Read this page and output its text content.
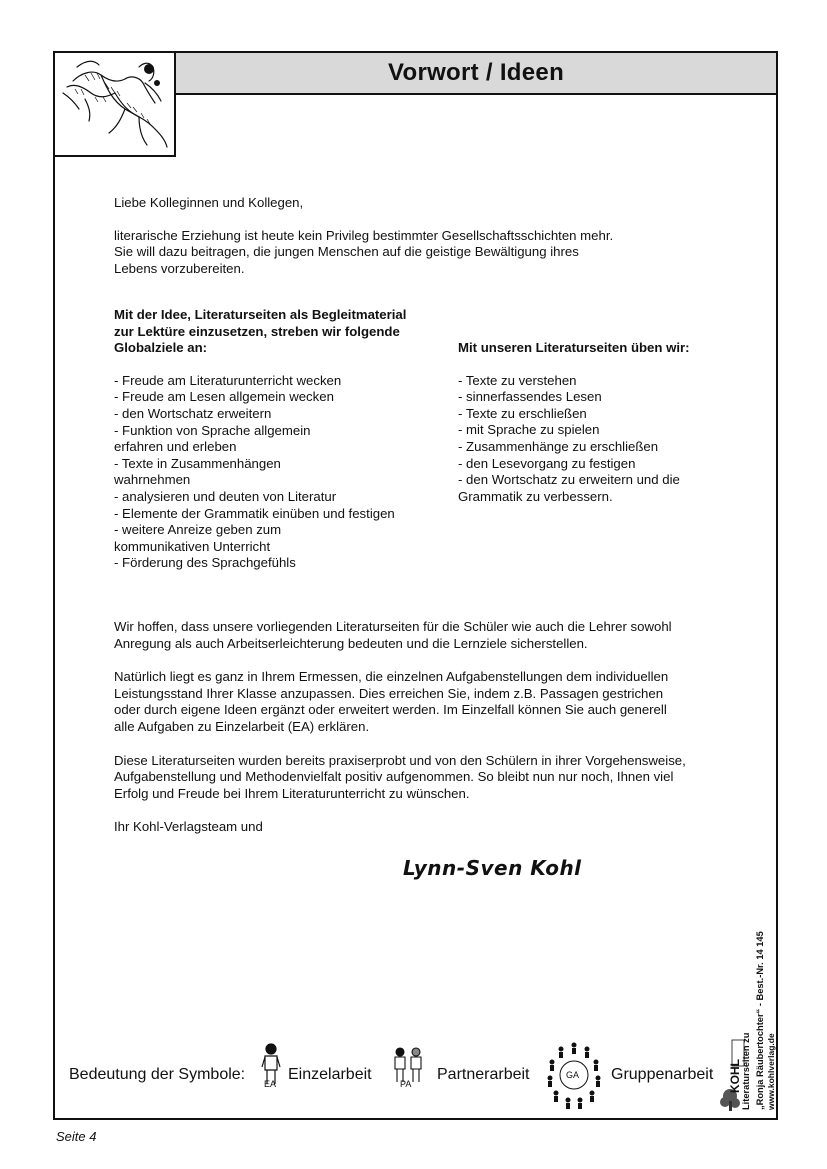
Vorwort / Ideen

Liebe Kolleginnen und Kollegen,

literarische Erziehung ist heute kein Privileg bestimmter Gesellschaftsschichten mehr.

Sie will dazu beitragen, die jungen Menschen auf die geistige Bewältigung ihres

Lebens vorzubereiten.

Mit der Idee, Literaturseiten als Begleitmaterial

zur Lektüre einzusetzen, streben wir folgende

Globalziele an:

- Freude am Literaturunterricht wecken
- Freude am Lesen allgemein wecken
- den Wortschatz erweitern
- Funktion von Sprache allgemein
erfahren und erleben
- Texte in Zusammenhängen
wahrnehmen
- analysieren und deuten von Literatur
- Elemente der Grammatik einüben und festigen
- weitere Anreize geben zum
kommunikativen Unterricht
- Förderung des Sprachgefühls

Mit unseren Literaturseiten üben wir:

- Texte zu verstehen
- sinnerfassendes Lesen
- Texte zu erschließen
- mit Sprache zu spielen
- Zusammenhänge zu erschließen
- den Lesevorgang zu festigen
- den Wortschatz zu erweitern und die
Grammatik zu verbessern.

Wir hoffen, dass unsere vorliegenden Literaturseiten für die Schüler wie auch die Lehrer sowohl

Anregung als auch Arbeitserleichterung bedeuten und die Lernziele sicherstellen.

Natürlich liegt es ganz in Ihrem Ermessen, die einzelnen Aufgabenstellungen dem individuellen

Leistungsstand Ihrer Klasse anzupassen. Dies erreichen Sie, indem z.B. Passagen gestrichen

oder durch eigene Ideen ergänzt oder erweitert werden. Im Einzelfall können Sie auch generell

alle Aufgaben zu Einzelarbeit (EA) erklären.

Diese Literaturseiten wurden bereits praxiserprobt und von den Schülern in ihrer Vorgehensweise,

Aufgabenstellung und Methodenvielfalt positiv aufgenommen. So bleibt nun nur noch, Ihnen viel

Erfolg und Freude bei Ihrem Literaturunterricht zu wünschen.

Ihr Kohl-Verlagsteam und

Lynn-Sven Kohl
Bedeutung der Symbole:
EA
Einzelarbeit
PA
Partnerarbeit	GA Gruppenarbeit KOHL Literaturseiten zu „Ronja Räubertochter“ - Best.-Nr. 14 145 www.kohlverlag.de
Seite 4
